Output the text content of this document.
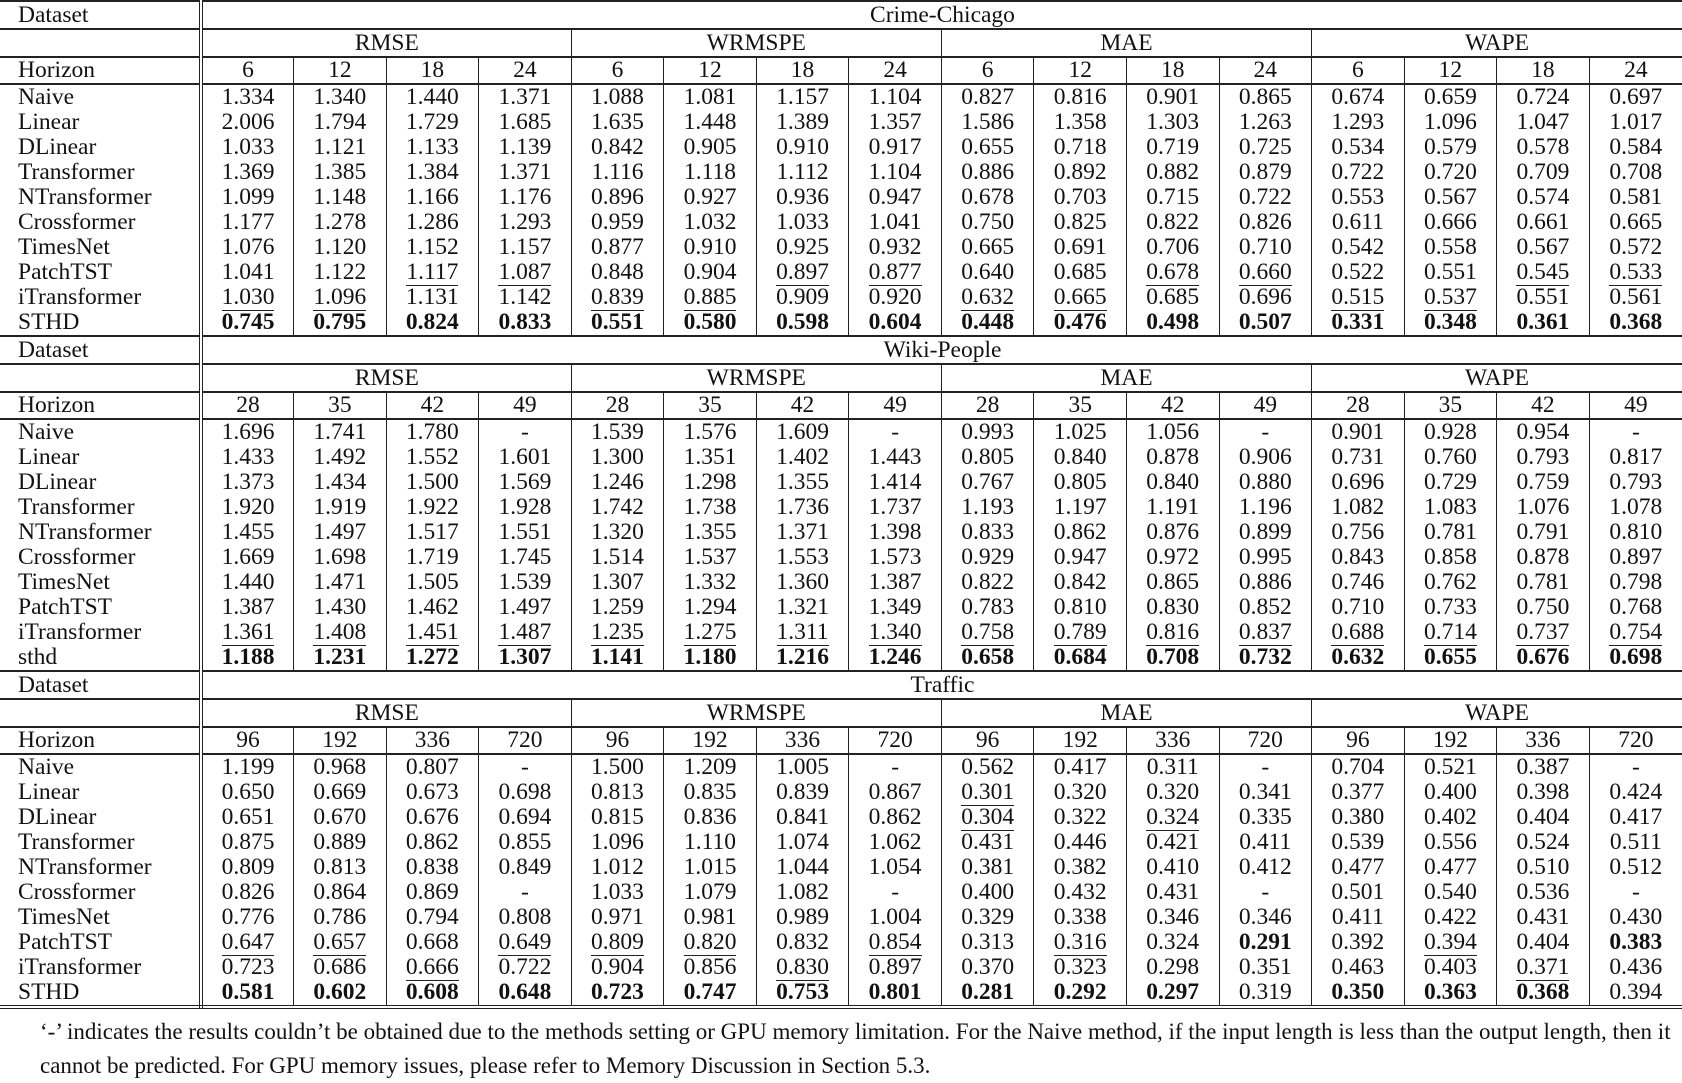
Dataset	Crime-Chicago															
	RMSE				WRMSPE				MAE				WAPE			
Horizon	6	12	18	24	6	12	18	24	6	12	18	24	6	12	18	24
Naive	1.334	1.340	1.440	1.371	1.088	1.081	1.157	1.104	0.827	0.816	0.901	0.865	0.674	0.659	0.724	0.697
Linear	2.006	1.794	1.729	1.685	1.635	1.448	1.389	1.357	1.586	1.358	1.303	1.263	1.293	1.096	1.047	1.017
DLinear	1.033	1.121	1.133	1.139	0.842	0.905	0.910	0.917	0.655	0.718	0.719	0.725	0.534	0.579	0.578	0.584
Transformer	1.369	1.385	1.384	1.371	1.116	1.118	1.112	1.104	0.886	0.892	0.882	0.879	0.722	0.720	0.709	0.708
NTransformer	1.099	1.148	1.166	1.176	0.896	0.927	0.936	0.947	0.678	0.703	0.715	0.722	0.553	0.567	0.574	0.581
Crossformer	1.177	1.278	1.286	1.293	0.959	1.032	1.033	1.041	0.750	0.825	0.822	0.826	0.611	0.666	0.661	0.665
TimesNet	1.076	1.120	1.152	1.157	0.877	0.910	0.925	0.932	0.665	0.691	0.706	0.710	0.542	0.558	0.567	0.572
PatchTST	1.041	1.122	1.117	1.087	0.848	0.904	0.897	0.877	0.640	0.685	0.678	0.660	0.522	0.551	0.545	0.533
iTransformer	1.030	1.096	1.131	1.142	0.839	0.885	0.909	0.920	0.632	0.665	0.685	0.696	0.515	0.537	0.551	0.561
STHD	0.745	0.795	0.824	0.833	0.551	0.580	0.598	0.604	0.448	0.476	0.498	0.507	0.331	0.348	0.361	0.368
Dataset	Wiki-People															
	RMSE				WRMSPE				MAE				WAPE			
Horizon	28	35	42	49	28	35	42	49	28	35	42	49	28	35	42	49
Naive	1.696	1.741	1.780	-	1.539	1.576	1.609	-	0.993	1.025	1.056	-	0.901	0.928	0.954	-
Linear	1.433	1.492	1.552	1.601	1.300	1.351	1.402	1.443	0.805	0.840	0.878	0.906	0.731	0.760	0.793	0.817
DLinear	1.373	1.434	1.500	1.569	1.246	1.298	1.355	1.414	0.767	0.805	0.840	0.880	0.696	0.729	0.759	0.793
Transformer	1.920	1.919	1.922	1.928	1.742	1.738	1.736	1.737	1.193	1.197	1.191	1.196	1.082	1.083	1.076	1.078
NTransformer	1.455	1.497	1.517	1.551	1.320	1.355	1.371	1.398	0.833	0.862	0.876	0.899	0.756	0.781	0.791	0.810
Crossformer	1.669	1.698	1.719	1.745	1.514	1.537	1.553	1.573	0.929	0.947	0.972	0.995	0.843	0.858	0.878	0.897
TimesNet	1.440	1.471	1.505	1.539	1.307	1.332	1.360	1.387	0.822	0.842	0.865	0.886	0.746	0.762	0.781	0.798
PatchTST	1.387	1.430	1.462	1.497	1.259	1.294	1.321	1.349	0.783	0.810	0.830	0.852	0.710	0.733	0.750	0.768
iTransformer	1.361	1.408	1.451	1.487	1.235	1.275	1.311	1.340	0.758	0.789	0.816	0.837	0.688	0.714	0.737	0.754
sthd	1.188	1.231	1.272	1.307	1.141	1.180	1.216	1.246	0.658	0.684	0.708	0.732	0.632	0.655	0.676	0.698
Dataset	Traffic															
	RMSE				WRMSPE				MAE				WAPE			
Horizon	96	192	336	720	96	192	336	720	96	192	336	720	96	192	336	720
Naive	1.199	0.968	0.807	-	1.500	1.209	1.005	-	0.562	0.417	0.311	-	0.704	0.521	0.387	-
Linear	0.650	0.669	0.673	0.698	0.813	0.835	0.839	0.867	0.301	0.320	0.320	0.341	0.377	0.400	0.398	0.424
DLinear	0.651	0.670	0.676	0.694	0.815	0.836	0.841	0.862	0.304	0.322	0.324	0.335	0.380	0.402	0.404	0.417
Transformer	0.875	0.889	0.862	0.855	1.096	1.110	1.074	1.062	0.431	0.446	0.421	0.411	0.539	0.556	0.524	0.511
NTransformer	0.809	0.813	0.838	0.849	1.012	1.015	1.044	1.054	0.381	0.382	0.410	0.412	0.477	0.477	0.510	0.512
Crossformer	0.826	0.864	0.869	-	1.033	1.079	1.082	-	0.400	0.432	0.431	-	0.501	0.540	0.536	-
TimesNet	0.776	0.786	0.794	0.808	0.971	0.981	0.989	1.004	0.329	0.338	0.346	0.346	0.411	0.422	0.431	0.430
PatchTST	0.647	0.657	0.668	0.649	0.809	0.820	0.832	0.854	0.313	0.316	0.324	0.291	0.392	0.394	0.404	0.383
iTransformer	0.723	0.686	0.666	0.722	0.904	0.856	0.830	0.897	0.370	0.323	0.298	0.351	0.463	0.403	0.371	0.436
STHD	0.581	0.602	0.608	0.648	0.723	0.747	0.753	0.801	0.281	0.292	0.297	0.319	0.350	0.363	0.368	0.394
‘-’ indicates the results couldn’t be obtained due to the methods setting or GPU memory limitation. For the Naive method, if the input length is less than the output length, then it cannot be predicted. For GPU memory issues, please refer to Memory Discussion in Section 5.3.
